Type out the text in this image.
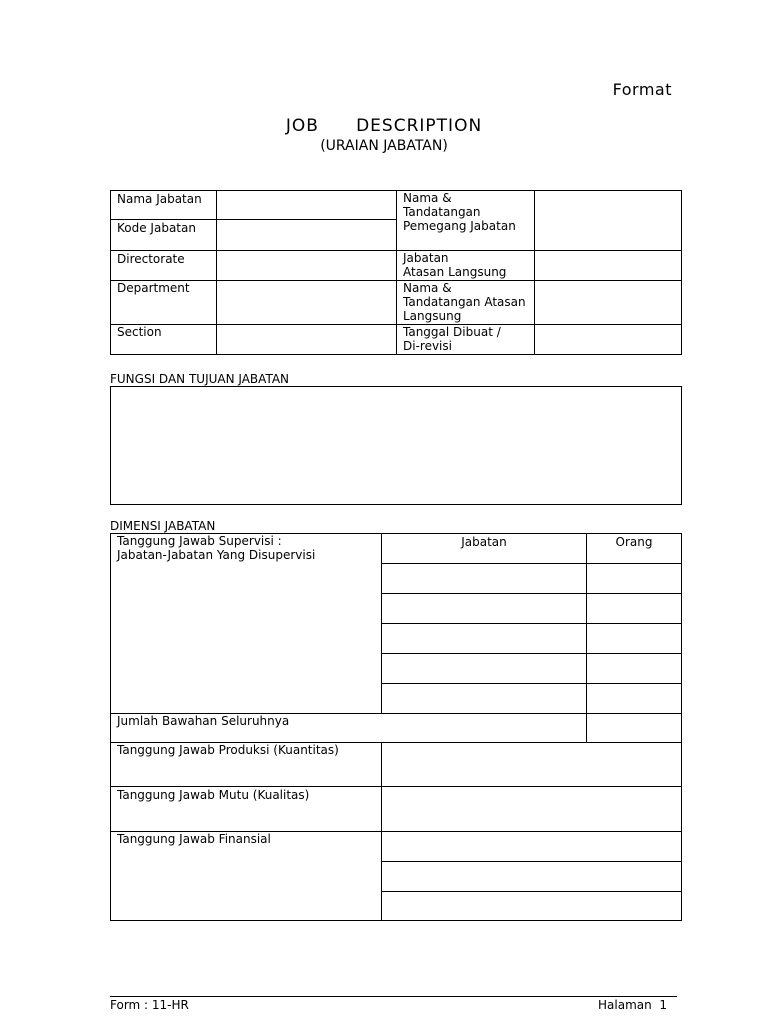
Format
JOB   DESCRIPTION
(URAIAN JABATAN)
Nama Jabatan
Kode Jabatan
Directorate
Department
Section
Nama &
Tandatangan
Pemegang Jabatan
Jabatan
Atasan Langsung
Nama &
Tandatangan Atasan
Langsung
Tanggal Dibuat /
Di-revisi
FUNGSI DAN TUJUAN JABATAN
DIMENSI JABATAN
Tanggung Jawab Supervisi :
Jabatan-Jabatan Yang Disupervisi
Jabatan	Orang
Jumlah Bawahan Seluruhnya
Tanggung Jawab Produksi (Kuantitas)
Tanggung Jawab Mutu (Kualitas)
Tanggung Jawab Finansial
Form : 11-HR	Halaman  1
